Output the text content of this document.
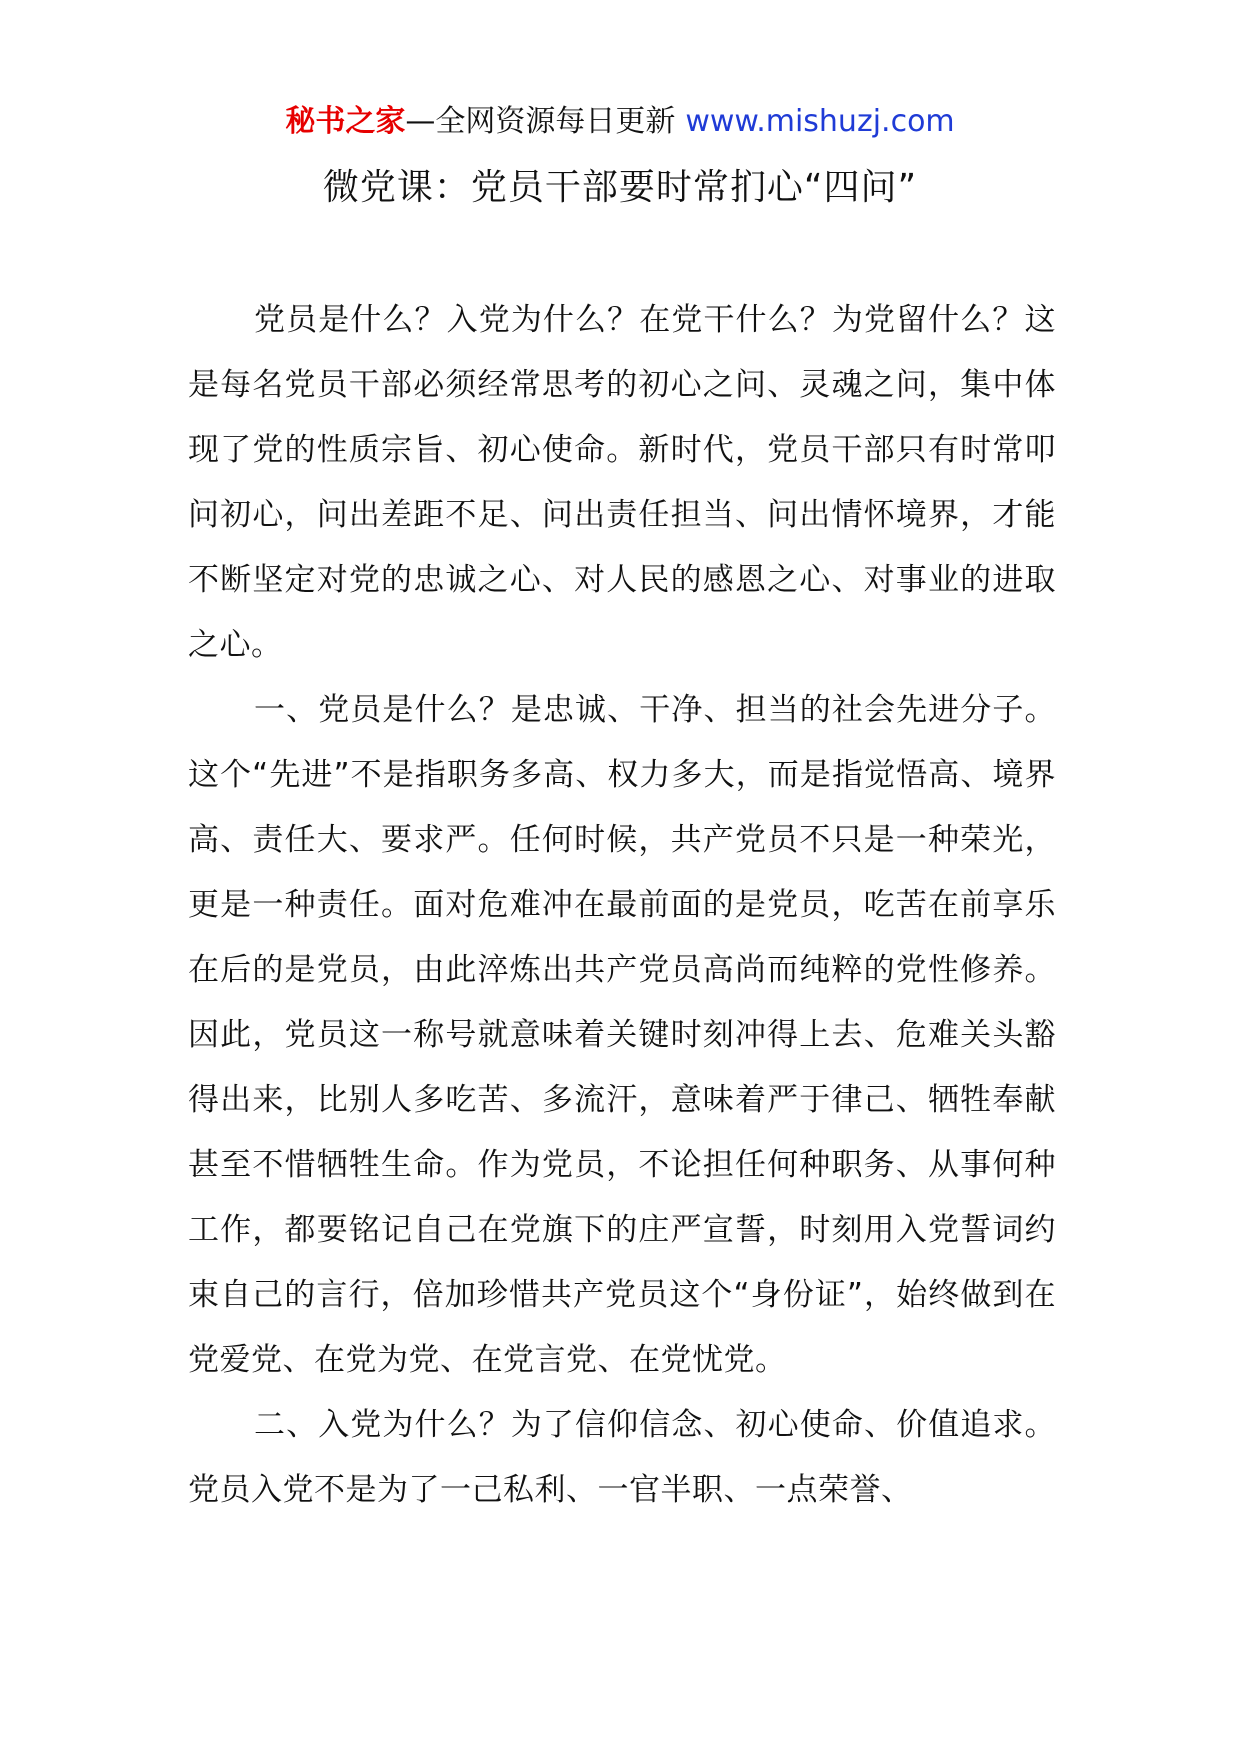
秘书之家—全网资源每日更新 www.mishuzj.com
微党课：党员干部要时常扪心“四问”

党员是什么？入党为什么？在党干什么？为党留什么？这是每名党员干部必须经常思考的初心之问、灵魂之问，集中体现了党的性质宗旨、初心使命。新时代，党员干部只有时常叩问初心，问出差距不足、问出责任担当、问出情怀境界，才能不断坚定对党的忠诚之心、对人民的感恩之心、对事业的进取之心。

一、党员是什么？是忠诚、干净、担当的社会先进分子。这个“先进”不是指职务多高、权力多大，而是指觉悟高、境界高、责任大、要求严。任何时候，共产党员不只是一种荣光，更是一种责任。面对危难冲在最前面的是党员，吃苦在前享乐在后的是党员，由此淬炼出共产党员高尚而纯粹的党性修养。因此，党员这一称号就意味着关键时刻冲得上去、危难关头豁得出来，比别人多吃苦、多流汗，意味着严于律己、牺牲奉献甚至不惜牺牲生命。作为党员，不论担任何种职务、从事何种工作，都要铭记自己在党旗下的庄严宣誓，时刻用入党誓词约束自己的言行，倍加珍惜共产党员这个“身份证”，始终做到在党爱党、在党为党、在党言党、在党忧党。

二、入党为什么？为了信仰信念、初心使命、价值追求。党员入党不是为了一己私利、一官半职、一点荣誉、
